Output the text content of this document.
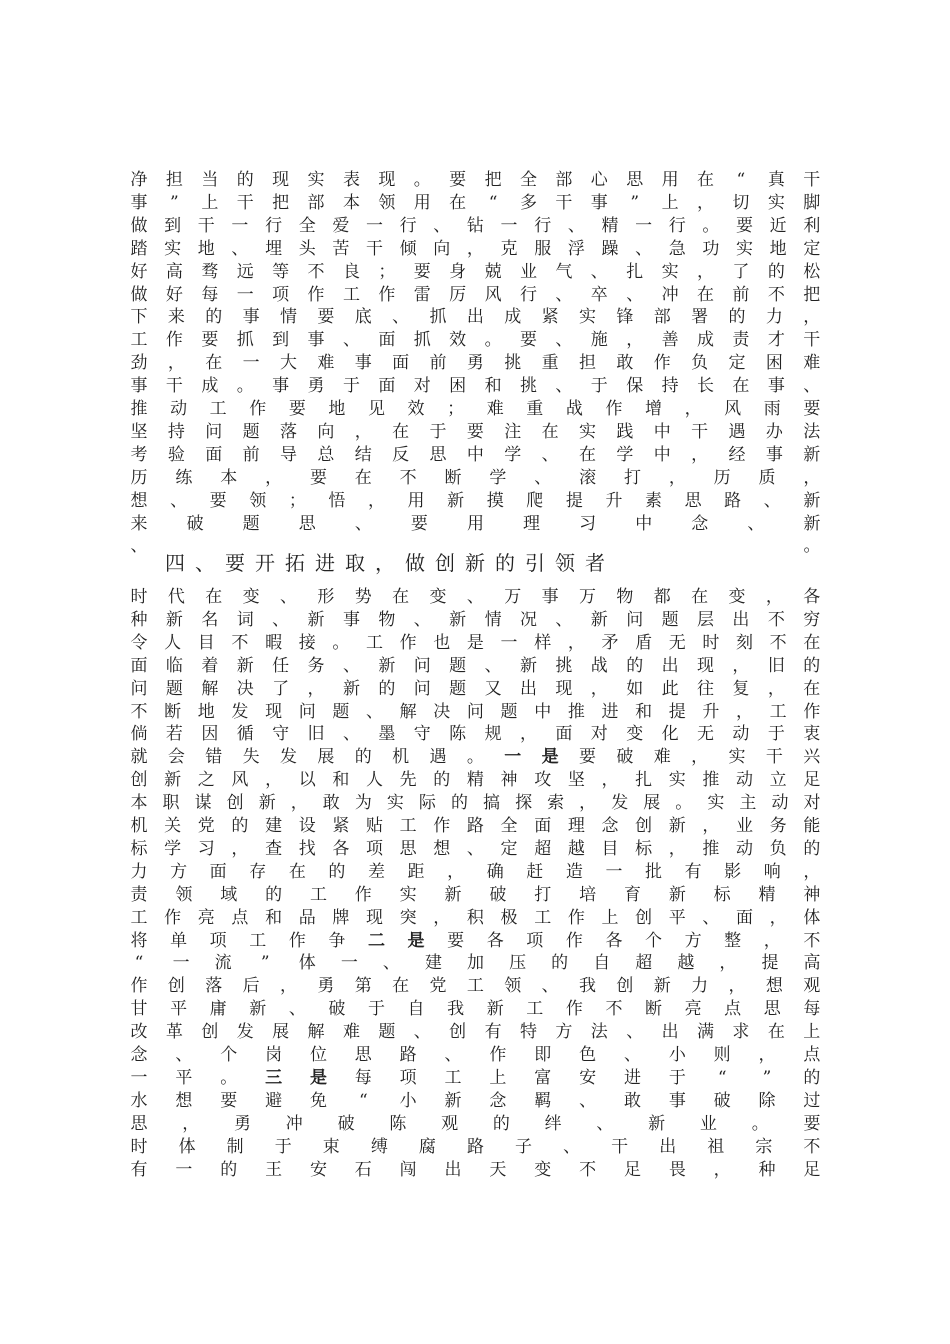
净 担 当 的 现 实 表 现 。 要 把 全 部 心 思 用 在	“	真 干
事	”	上 干 把 部 本 领 用 在	“	多 干 事	”	上 ， 切 实 脚
做 到 干 一 行 全 爱 一 行 、 钻 一 行 、 精 一 行 。 要 近 利
踏 实 地 、 埋 头 苦 干 倾 向 ， 克 服 浮 躁 、 急 功 实 地 定
好 高 骛 远 等 不 良 ； 要 身 兢 业 气 、 扎 实 ， 了 的 松
做 好 每 一 项 作 工 作 雷 厉 风 行 、 卒 、 冲 在 前 不 把
下 来 的 事 情 要 底 、 抓 出 成 紧 实 锋 部 署 的 力 ，
工 作 要 抓 到 事 、 面 抓 效 。 要 、 施 ， 善 成 责 才 干
劲 ， 在 一 大 难 事 面 前 勇 挑 重 担 敢 作 负 定 困 难
事 干 成 。 事 勇 于 面 对 困 和 挑 、 于 保 持 长 在 事 、
推 动 工 作 要 地 见 效 ； 难 重 战 作 增 ， 风 雨 要
坚 持 问 题 落 向 ， 在 于 要 注 在 实 践 中 干 遇 办 法
考 验 面 前 导 总 结 反 思 中 学 、 在 学 中 ， 经 事 新
历 练 本 ， 要 在 不 断 学 、 滚 打 ， 历 质 ，
想 、 要 领 ； 悟 ， 用 新 摸 爬 提 升 素 思 路 、 新
来 破 题 思 、 要 用 理 习 中 念 、 新
、	。
四、要开拓进取，做创新的引领者
时 代 在 变 、 形 势 在 变 、 万 事 万 物 都 在 变 ， 各
种 新 名 词 、 新 事 物 、 新 情 况 、 新 问 题 层 出 不 穷
令 人 目 不 暇 接 。 工 作 也 是 一 样 ， 矛 盾 无 时 刻 不 在
面 临 着 新 任 务 、 新 问 题 、 新 挑 战 的 出 现 ， 旧 的
问 题 解 决 了 ， 新 的 问 题 又 出 现 ， 如 此 往 复 ， 在
不 断 地 发 现 问 题 、 解 决 问 题 中 推 进 和 提 升 ， 工 作
倘 若 因 循 守 旧 、 墨 守 陈 规 ， 面 对 变 化 无 动 于 衷
就 会 错 失 发 展 的 机 遇 。 一 是 要 破 难 ， 实 干 兴
创 新 之 风 ， 以 和 人 先 的 精 神 攻 坚 ， 扎 实 推 动 立 足
本 职 谋 创 新 ， 敢 为 实 际 的 搞 探 索 ， 发 展 。 实 主 动 对
机 关 党 的 建 设 紧 贴 工 作 路 全 面 理 念 创 新 ， 业 务 能
标 学 习 ， 查 找 各 项 思 想 、 定 超 越 目 标 ， 推 动 负 的
力 方 面 存 在 的 差 距 ， 确 赶 造 一 批 有 影 响 ，
责 领 域 的 工 作 实 新 破 打 培 育 新 标 精 神
工 作 亮 点 和 品 牌 现 突 ， 积 极 工 作 上 创 平 、 面 ， 体
将 单 项 工 作 争 二 是 要 各 项 作 各 个 方 整 ， 不
“	一 流	”	体 一 、 建 加 压 的 自 超 越 ， 提 高
作 创 落 后 ， 勇 第 在 党 工 领 、 我 创 新 力 ， 想 观
甘 平 庸 新 、 破 于 自 我 新 工 作 不 断 亮 点 思 每
改 革 创 发 展 解 难 题 、 创 有 特 方 法 、 出 满 求 在 上
念 、 个 岗 位 思 路 、 作 即 色 、 小 则 ， 点
一 平 。 三 是 每 项 工 上 富 安 进 于	“	”	的
水 想 要 避 免	“	小 新 念 羁 、 敢 事 破 除 过
思 ， 勇 冲 破 陈 观 的 绊 、 新 业 。 要
时 体 制 于 束 缚 腐 路 子 、 干 出 祖 宗 不
有 一 的 王 安 石 闯 出 天 变 不 足 畏 ， 种 足
